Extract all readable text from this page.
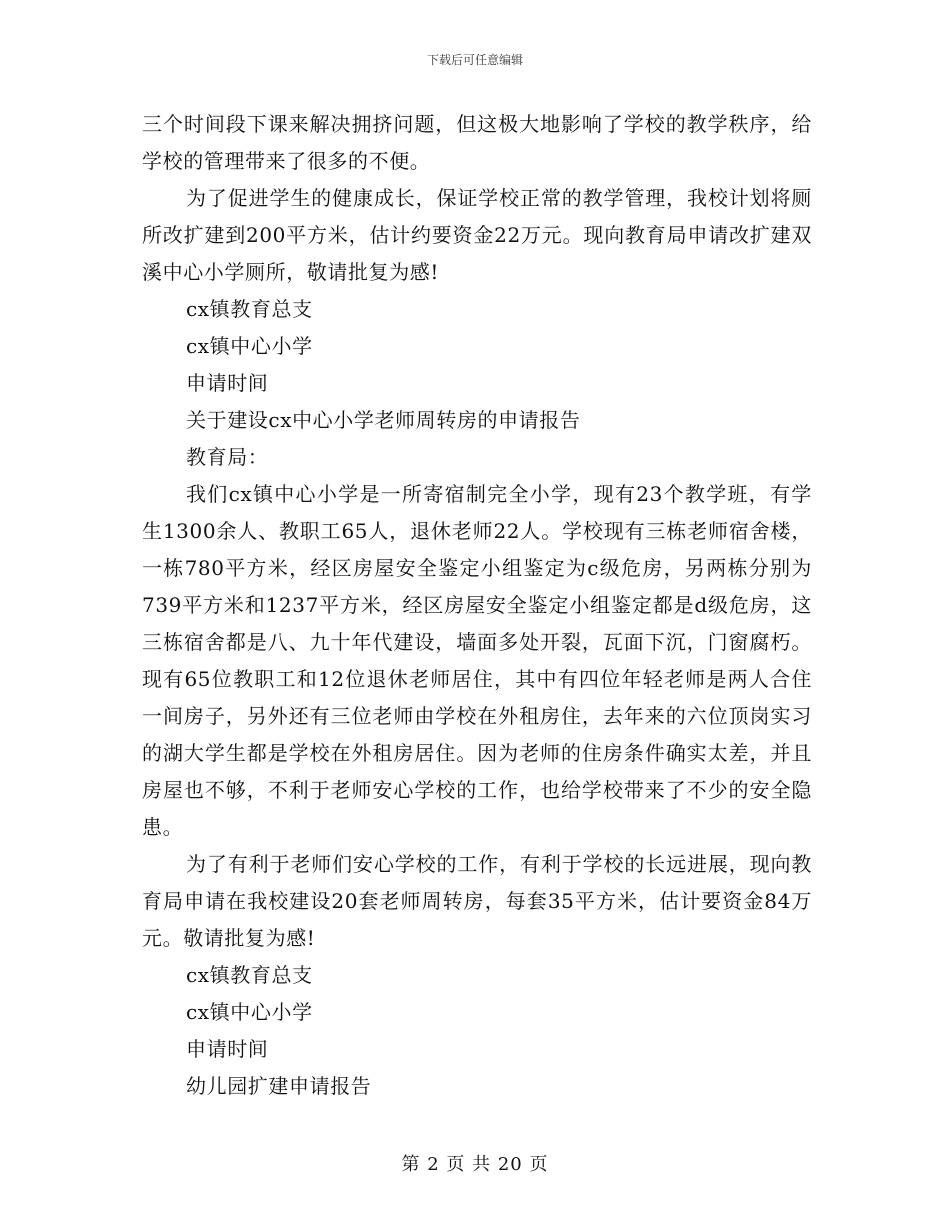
下载后可任意编辑

三个时间段下课来解决拥挤问题，但这极大地影响了学校的教学秩序，给学校的管理带来了很多的不便。

为了促进学生的健康成长，保证学校正常的教学管理，我校计划将厕所改扩建到200平方米，估计约要资金22万元。现向教育局申请改扩建双溪中心小学厕所，敬请批复为感!

cx镇教育总支

cx镇中心小学

申请时间

关于建设cx中心小学老师周转房的申请报告

教育局：

我们cx镇中心小学是一所寄宿制完全小学，现有23个教学班，有学生1300余人、教职工65人，退休老师22人。学校现有三栋老师宿舍楼，一栋780平方米，经区房屋安全鉴定小组鉴定为c级危房，另两栋分别为739平方米和1237平方米，经区房屋安全鉴定小组鉴定都是d级危房，这三栋宿舍都是八、九十年代建设，墙面多处开裂，瓦面下沉，门窗腐朽。现有65位教职工和12位退休老师居住，其中有四位年轻老师是两人合住一间房子，另外还有三位老师由学校在外租房住，去年来的六位顶岗实习的湖大学生都是学校在外租房居住。因为老师的住房条件确实太差，并且房屋也不够，不利于老师安心学校的工作，也给学校带来了不少的安全隐患。

为了有利于老师们安心学校的工作，有利于学校的长远进展，现向教育局申请在我校建设20套老师周转房，每套35平方米，估计要资金84万元。敬请批复为感!

cx镇教育总支

cx镇中心小学

申请时间

幼儿园扩建申请报告

第 2 页 共 20 页
